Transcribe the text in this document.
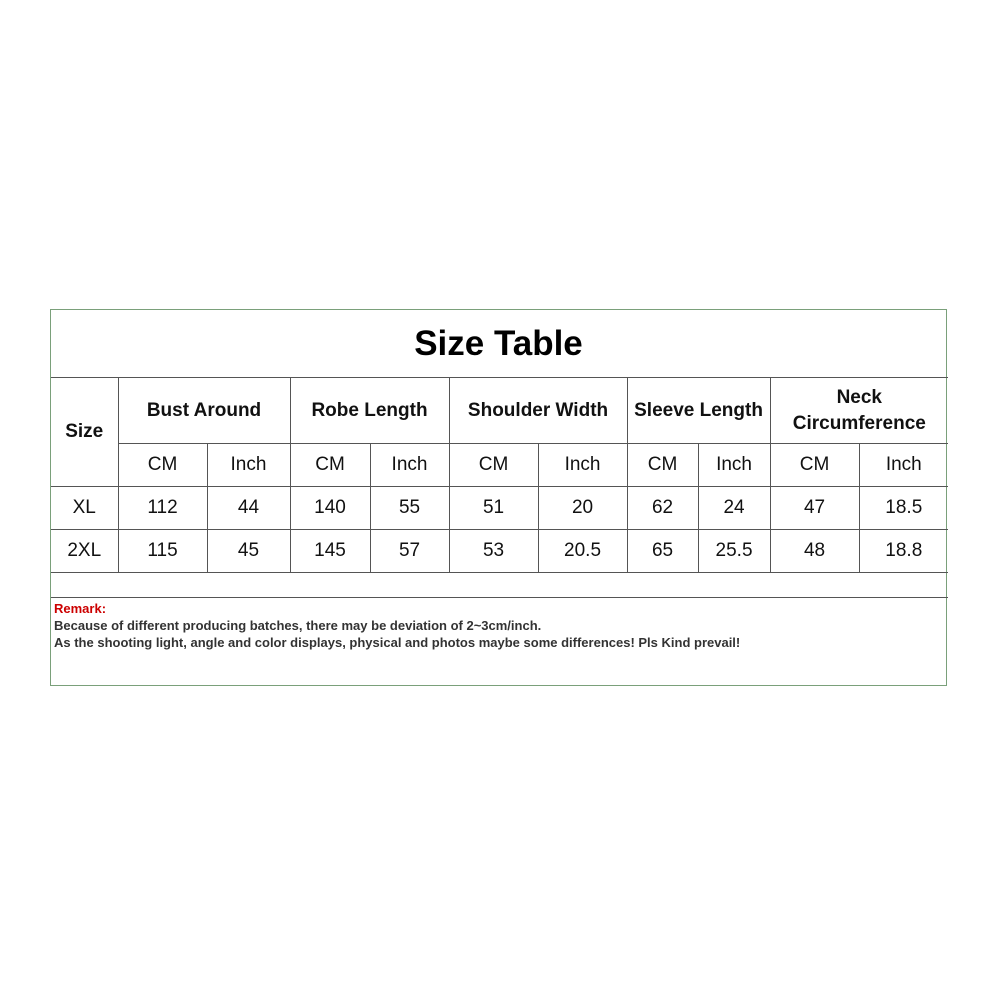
Size Table
Size	Bust Around		Robe Length		Shoulder Width		Sleeve Length		Neck Circumference	
	CM	Inch	CM	Inch	CM	Inch	CM	Inch	CM	Inch
XL	112	44	140	55	51	20	62	24	47	18.5
2XL	115	45	145	57	53	20.5	65	25.5	48	18.8

Remark:
Because of different producing batches, there may be deviation of 2~3cm/inch.
As the shooting light, angle and color displays, physical and photos maybe some differences! Pls Kind prevail!
